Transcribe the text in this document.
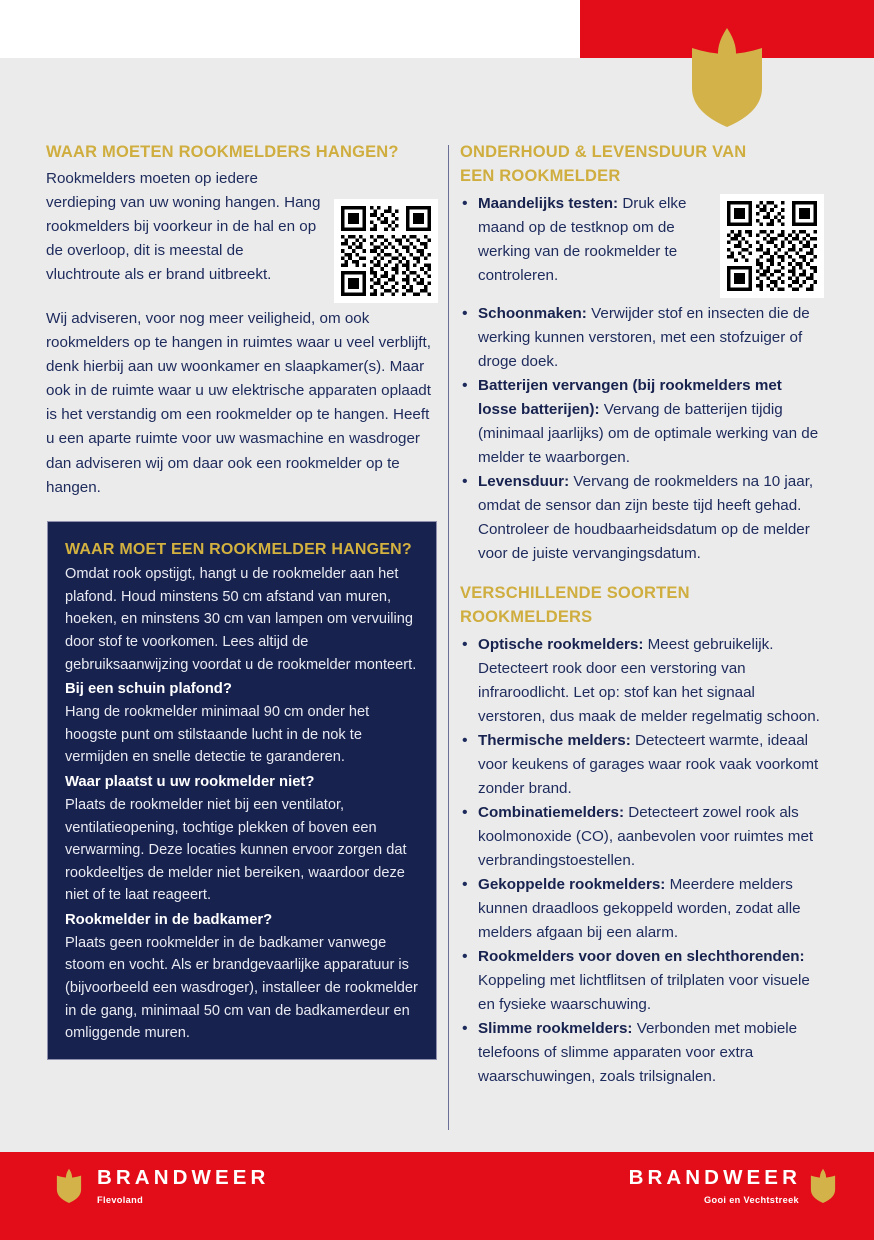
WAAR MOETEN ROOKMELDERS HANGEN?

Rookmelders moeten op iedere verdieping van uw woning hangen. Hang rookmelders bij voorkeur in de hal en op de overloop, dit is meestal de vluchtroute als er brand uitbreekt.

Wij adviseren, voor nog meer veiligheid, om ook rookmelders op te hangen in ruimtes waar u veel verblijft, denk hierbij aan uw woonkamer en slaapkamer(s). Maar ook in de ruimte waar u uw elektrische apparaten oplaadt is het verstandig om een rookmelder op te hangen. Heeft u een aparte ruimte voor uw wasmachine en wasdroger dan adviseren wij om daar ook een rookmelder op te hangen.

WAAR MOET EEN ROOKMELDER HANGEN?

Omdat rook opstijgt, hangt u de rookmelder aan het plafond. Houd minstens 50 cm afstand van muren, hoeken, en minstens 30 cm van lampen om vervuiling door stof te voorkomen. Lees altijd de gebruiksaanwijzing voordat u de rookmelder monteert.

Bij een schuin plafond?

Hang de rookmelder minimaal 90 cm onder het hoogste punt om stilstaande lucht in de nok te vermijden en snelle detectie te garanderen.

Waar plaatst u uw rookmelder niet?

Plaats de rookmelder niet bij een ventilator, ventilatieopening, tochtige plekken of boven een verwarming. Deze locaties kunnen ervoor zorgen dat rookdeeltjes de melder niet bereiken, waardoor deze niet of te laat reageert.

Rookmelder in de badkamer?

Plaats geen rookmelder in de badkamer vanwege stoom en vocht. Als er brandgevaarlijke apparatuur is (bijvoorbeeld een wasdroger), installeer de rookmelder in de gang, minimaal 50 cm van de badkamerdeur en omliggende muren.

ONDERHOUD & LEVENSDUUR VAN EEN ROOKMELDER
• Maandelijks testen: Druk elke maand op de testknop om de werking van de rookmelder te controleren.
• Schoonmaken: Verwijder stof en insecten die de werking kunnen verstoren, met een stofzuiger of droge doek.
• Batterijen vervangen (bij rookmelders met losse batterijen): Vervang de batterijen tijdig (minimaal jaarlijks) om de optimale werking van de melder te waarborgen.
• Levensduur: Vervang de rookmelders na 10 jaar, omdat de sensor dan zijn beste tijd heeft gehad. Controleer de houdbaarheidsdatum op de melder voor de juiste vervangingsdatum.
VERSCHILLENDE SOORTEN ROOKMELDERS
• Optische rookmelders: Meest gebruikelijk. Detecteert rook door een verstoring van infraroodlicht. Let op: stof kan het signaal verstoren, dus maak de melder regelmatig schoon.
• Thermische melders: Detecteert warmte, ideaal voor keukens of garages waar rook vaak voorkomt zonder brand.
• Combinatiemelders: Detecteert zowel rook als koolmonoxide (CO), aanbevolen voor ruimtes met verbrandingstoestellen.
• Gekoppelde rookmelders: Meerdere melders kunnen draadloos gekoppeld worden, zodat alle melders afgaan bij een alarm.
• Rookmelders voor doven en slechthorenden: Koppeling met lichtflitsen of trilplaten voor visuele en fysieke waarschuwing.
• Slimme rookmelders: Verbonden met mobiele telefoons of slimme apparaten voor extra waarschuwingen, zoals trilsignalen.
BRANDWEER
Flevoland
BRANDWEER
Gooi en Vechtstreek
